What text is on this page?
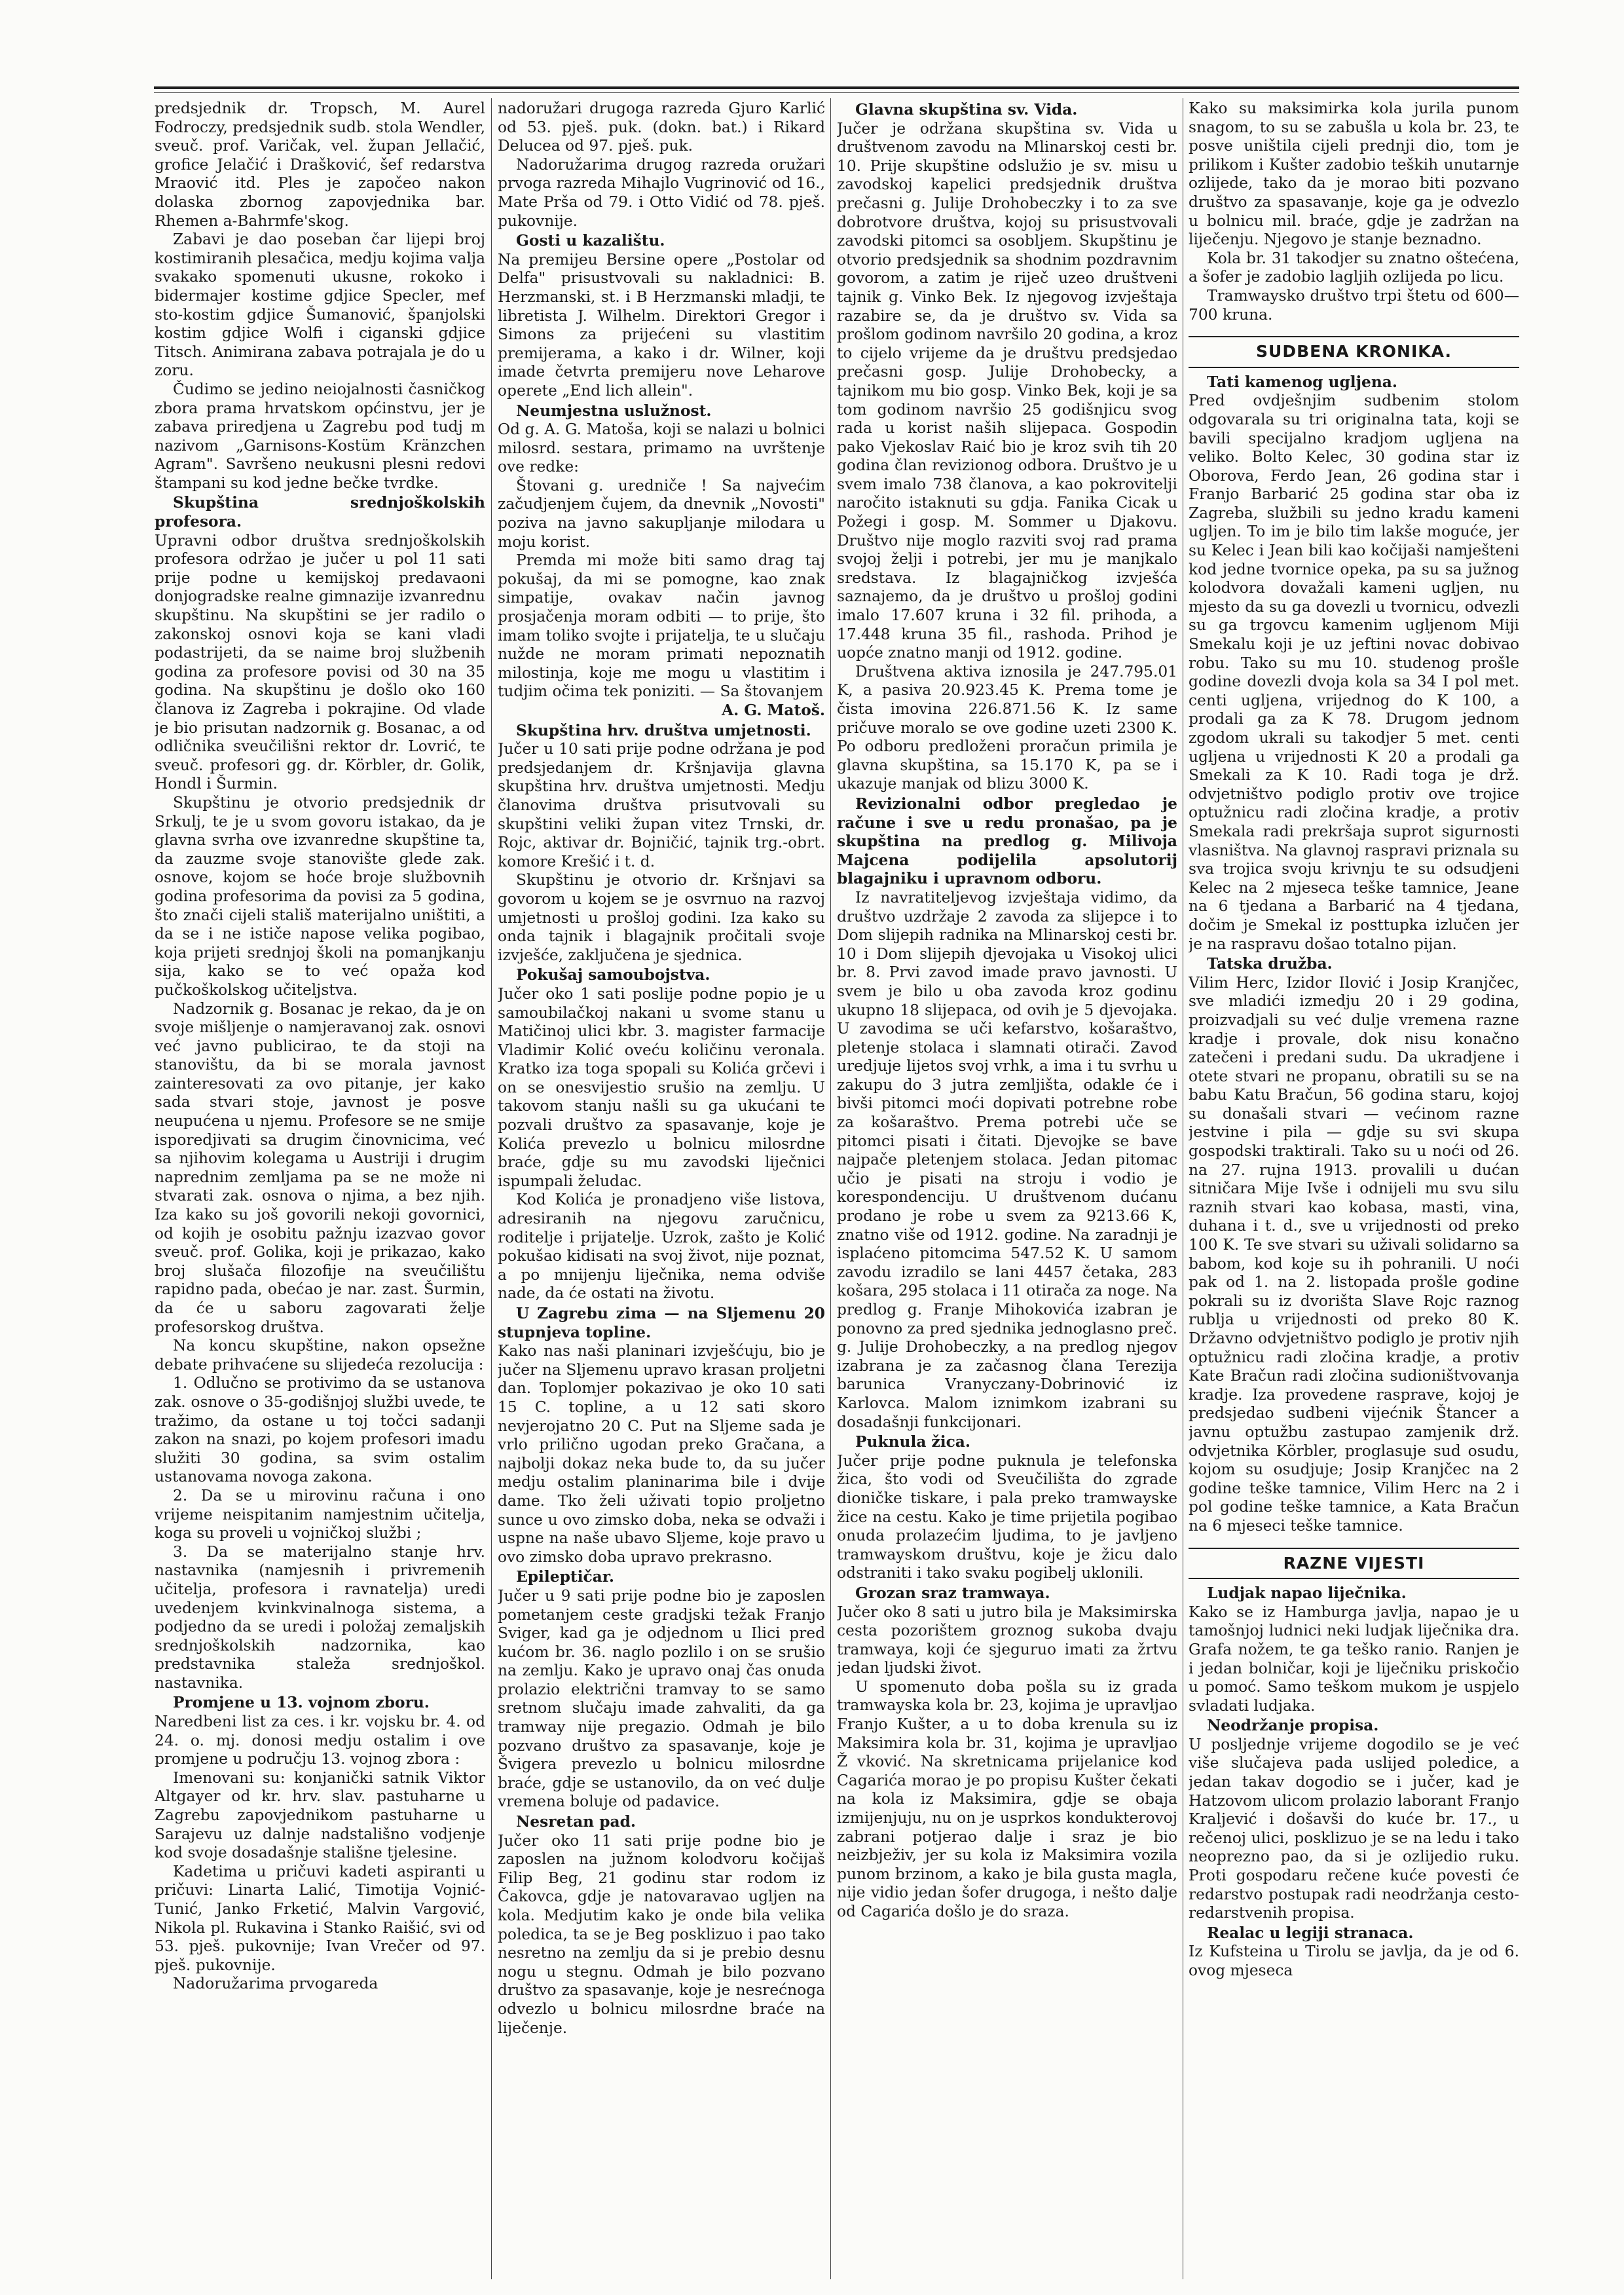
predsjednik dr. Tropsch, M. Aurel Fodroczy, predsjednik sudb. stola Wendler, sveuč. prof. Varičak, vel. župan Jellačić, grofice Jelačić i Drašković, šef redarstva Mraović itd. Ples je započeo nakon dolaska zbornog zapovjednika bar. Rhemen a-Bahrmfe'skog.

Zabavi je dao poseban čar lijepi broj kostimiranih plesačica, medju kojima valja svakako spomenuti ukusne, rokoko i bidermajer kostime gdjice Specler, mef sto-kostim gdjice Šumanović, španjolski kostim gdjice Wolfi i ciganski gdjice Titsch. Animirana zabava potrajala je do u zoru.

Čudimo se jedino neiojalnosti časničkog zbora prama hrvatskom općinstvu, jer je zabava priredjena u Zagrebu pod tudj m nazivom „Garnisons-Kostüm Kränzchen Agram". Savršeno neukusni plesni redovi štampani su kod jedne bečke tvrdke.

Skupština srednjoškolskih profesora.

Upravni odbor društva srednjoškolskih profesora održao je jučer u pol 11 sati prije podne u kemijskoj predavaoni donjogradske realne gimnazije izvanrednu skupštinu. Na skupštini se jer radilo o zakonskoj osnovi koja se kani vladi podastrijeti, da se naime broj službenih godina za profesore povisi od 30 na 35 godina. Na skupštinu je došlo oko 160 članova iz Zagreba i pokrajine. Od vlade je bio prisutan nadzornik g. Bosanac, a od odličnika sveučilišni rektor dr. Lovrić, te sveuč. profesori gg. dr. Körbler, dr. Golik, Hondl i Šurmin.

Skupštinu je otvorio predsjednik dr Srkulj, te je u svom govoru istakao, da je glavna svrha ove izvanredne skupštine ta, da zauzme svoje stanovište glede zak. osnove, kojom se hoće broje službovnih godina profesorima da povisi za 5 godina, što znači cijeli stališ materijalno uništiti, a da se i ne ističe napose velika pogibao, koja prijeti srednjoj školi na pomanjkanju sija, kako se to već opaža kod pučkoškolskog učiteljstva.

Nadzornik g. Bosanac je rekao, da je on svoje mišljenje o namjeravanoj zak. osnovi već javno publicirao, te da stoji na stanovištu, da bi se morala javnost zainteresovati za ovo pitanje, jer kako sada stvari stoje, javnost je posve neupućena u njemu. Profesore se ne smije isporedjivati sa drugim činovnicima, već sa njihovim kolegama u Austriji i drugim naprednim zemljama pa se ne može ni stvarati zak. osnova o njima, a bez njih. Iza kako su još govorili nekoji govornici, od kojih je osobitu pažnju izazvao govor sveuč. prof. Golika, koji je prikazao, kako broj slušača filozofije na sveučilištu rapidno pada, obećao je nar. zast. Šurmin, da će u saboru zagovarati želje profesorskog društva.

Na koncu skupštine, nakon opsežne debate prihvaćene su slijedeća rezolucija :

1. Odlučno se protivimo da se ustanova zak. osnove o 35-godišnjoj službi uvede, te tražimo, da ostane u toj točci sadanji zakon na snazi, po kojem profesori imadu služiti 30 godina, sa svim ostalim ustanovama novoga zakona.

2. Da se u mirovinu računa i ono vrijeme neispitanim namjestnim učitelja, koga su proveli u vojničkoj službi ;

3. Da se materijalno stanje hrv. nastavnika (namjesnih i privremenih učitelja, profesora i ravnatelja) uredi uvedenjem kvinkvinalnoga sistema, a podjedno da se uredi i položaj zemaljskih srednjoškolskih nadzornika, kao predstavnika staleža srednjoškol. nastavnika.

Promjene u 13. vojnom zboru.

Naredbeni list za ces. i kr. vojsku br. 4. od 24. o. mj. donosi medju ostalim i ove promjene u području 13. vojnog zbora :

Imenovani su: konjanički satnik Viktor Altgayer od kr. hrv. slav. pastuharne u Zagrebu zapovjednikom pastuharne u Sarajevu uz dalnje nadstališno vodjenje kod svoje dosadašnje stališne tjelesine.

Kadetima u pričuvi kadeti aspiranti u pričuvi: Linarta Lalić, Timotija Vojnić-Tunić, Janko Frketić, Malvin Vargović, Nikola pl. Rukavina i Stanko Raišić, svi od 53. pješ. pukovnije; Ivan Vrečer od 97. pješ. pukovnije.

Nadoružarima prvogareda

nadoružari drugoga razreda Gjuro Karlić od 53. pješ. puk. (dokn. bat.) i Rikard Delucea od 97. pješ. puk.

Nadoružarima drugog razreda oružari prvoga razreda Mihajlo Vugrinović od 16., Mate Prša od 79. i Otto Vidić od 78. pješ. pukovnije.

Gosti u kazalištu.

Na premijeu Bersine opere „Postolar od Delfa" prisustvovali su nakladnici: B. Herzmanski, st. i B Herzmanski mladji, te libretista J. Wilhelm. Direktori Gregor i Simons za prijećeni su vlastitim premijerama, a kako i dr. Wilner, koji imade četvrta premijeru nove Leharove operete „End lich allein".

Neumjestna uslužnost.

Od g. A. G. Matoša, koji se nalazi u bolnici milosrd. sestara, primamo na uvrštenje ove redke:

Štovani g. uredniče ! Sa najvećim začudjenjem čujem, da dnevnik „Novosti" poziva na javno sakupljanje milodara u moju korist.

Premda mi može biti samo drag taj pokušaj, da mi se pomogne, kao znak simpatije, ovakav način javnog prosjačenja moram odbiti — to prije, što imam toliko svojte i prijatelja, te u slučaju nužde ne moram primati nepoznatih milostinja, koje me mogu u vlastitim i tudjim očima tek poniziti. — Sa štovanjem

A. G. Matoš.

Skupština hrv. društva umjetnosti.

Jučer u 10 sati prije podne održana je pod predsjedanjem dr. Kršnjavija glavna skupština hrv. društva umjetnosti. Medju članovima društva prisutvovali su skupštini veliki župan vitez Trnski, dr. Rojc, aktivar dr. Bojničić, tajnik trg.-obrt. komore Krešić i t. d.

Skupštinu je otvorio dr. Kršnjavi sa govorom u kojem se je osvrnuo na razvoj umjetnosti u prošloj godini. Iza kako su onda tajnik i blagajnik pročitali svoje izvješće, zaključena je sjednica.

Pokušaj samoubojstva.

Jučer oko 1 sati poslije podne popio je u samoubilačkoj nakani u svome stanu u Matičinoj ulici kbr. 3. magister farmacije Vladimir Kolić oveću količinu veronala. Kratko iza toga spopali su Kolića grčevi i on se onesvijestio srušio na zemlju. U takovom stanju našli su ga ukućani te pozvali društvo za spasavanje, koje je Kolića prevezlo u bolnicu milosrdne braće, gdje su mu zavodski liječnici ispumpali želudac.

Kod Kolića je pronadjeno više listova, adresiranih na njegovu zaručnicu, roditelje i prijatelje. Uzrok, zašto je Kolić pokušao kidisati na svoj život, nije poznat, a po mnijenju liječnika, nema odviše nade, da će ostati na životu.

U Zagrebu zima — na Sljemenu 20 stupnjeva topline.

Kako nas naši planinari izvješćuju, bio je jučer na Sljemenu upravo krasan proljetni dan. Toplomjer pokazivao je oko 10 sati 15 C. topline, a u 12 sati skoro nevjerojatno 20 C. Put na Sljeme sada je vrlo prilično ugodan preko Gračana, a najbolji dokaz neka bude to, da su jučer medju ostalim planinarima bile i dvije dame. Tko želi uživati topio proljetno sunce u ovo zimsko doba, neka se odvaži i uspne na naše ubavo Sljeme, koje pravo u ovo zimsko doba upravo prekrasno.

Epileptičar.

Jučer u 9 sati prije podne bio je zaposlen pometanjem ceste gradjski težak Franjo Sviger, kad ga je odjednom u Ilici pred kućom br. 36. naglo pozlilo i on se srušio na zemlju. Kako je upravo onaj čas onuda prolazio električni tramvay to se samo sretnom slučaju imade zahvaliti, da ga tramway nije pregazio. Odmah je bilo pozvano društvo za spasavanje, koje je Švigera prevezlo u bolnicu milosrdne braće, gdje se ustanovilo, da on već dulje vremena boluje od padavice.

Nesretan pad.

Jučer oko 11 sati prije podne bio je zaposlen na južnom kolodvoru kočijaš Filip Beg, 21 godinu star rodom iz Čakovca, gdje je natovaravao ugljen na kola. Medjutim kako je onde bila velika poledica, ta se je Beg posklizuo i pao tako nesretno na zemlju da si je prebio desnu nogu u stegnu. Odmah je bilo pozvano društvo za spasavanje, koje je nesrećnoga odvezlo u bolnicu milosrdne braće na liječenje.

Glavna skupština sv. Vida.

Jučer je održana skupština sv. Vida u društvenom zavodu na Mlinarskoj cesti br. 10. Prije skupštine odslužio je sv. misu u zavodskoj kapelici predsjednik društva prečasni g. Julije Drohobeczky i to za sve dobrotvore društva, kojoj su prisustvovali zavodski pitomci sa osobljem. Skupštinu je otvorio predsjednik sa shodnim pozdravnim govorom, a zatim je riječ uzeo društveni tajnik g. Vinko Bek. Iz njegovog izvještaja razabire se, da je društvo sv. Vida sa prošlom godinom navršilo 20 godina, a kroz to cijelo vrijeme da je društvu predsjedao prečasni gosp. Julije Drohobecky, a tajnikom mu bio gosp. Vinko Bek, koji je sa tom godinom navršio 25 godišnjicu svog rada u korist naših slijepaca. Gospodin pako Vjekoslav Raić bio je kroz svih tih 20 godina član revizionog odbora. Društvo je u svem imalo 738 članova, a kao pokrovitelji naročito istaknuti su gdja. Fanika Cicak u Požegi i gosp. M. Sommer u Djakovu. Društvo nije moglo razviti svoj rad prama svojoj želji i potrebi, jer mu je manjkalo sredstava. Iz blagajničkog izvješća saznajemo, da je društvo u prošloj godini imalo 17.607 kruna i 32 fil. prihoda, a 17.448 kruna 35 fil., rashoda. Prihod je uopće znatno manji od 1912. godine.

Društvena aktiva iznosila je 247.795.01 K, a pasiva 20.923.45 K. Prema tome je čista imovina 226.871.56 K. Iz same pričuve moralo se ove godine uzeti 2300 K. Po odboru predloženi proračun primila je glavna skupština, sa 15.170 K, pa se i ukazuje manjak od blizu 3000 K.

Revizionalni odbor pregledao je račune i sve u redu pronašao, pa je skupština na predlog g. Milivoja Majcena podijelila apsolutorij blagajniku i upravnom odboru.

Iz navratiteljevog izvještaja vidimo, da društvo uzdržaje 2 zavoda za slijepce i to Dom slijepih radnika na Mlinarskoj cesti br. 10 i Dom slijepih djevojaka u Visokoj ulici br. 8. Prvi zavod imade pravo javnosti. U svem je bilo u oba zavoda kroz godinu ukupno 18 slijepaca, od ovih je 5 djevojaka. U zavodima se uči kefarstvo, košaraštvo, pletenje stolaca i slamnati otirači. Zavod uredjuje lijetos svoj vrhk, a ima i tu svrhu u zakupu do 3 jutra zemljišta, odakle će i bivši pitomci moći dopivati potrebne robe za košaraštvo. Prema potrebi uče se pitomci pisati i čitati. Djevojke se bave najpače pletenjem stolaca. Jedan pitomac učio je pisati na stroju i vodio je korespondenciju. U društvenom dućanu prodano je robe u svem za 9213.66 K, znatno više od 1912. godine. Na zaradnji je isplaćeno pitomcima 547.52 K. U samom zavodu izradilo se lani 4457 četaka, 283 košara, 295 stolaca i 11 otirača za noge. Na predlog g. Franje Mihokovića izabran je ponovno za pred sjednika jednoglasno preč. g. Julije Drohobeczky, a na predlog njegov izabrana je za začasnog člana Terezija barunica Vranyczany-Dobrinović iz Karlovca. Malom iznimkom izabrani su dosadašnji funkcijonari.

Puknula žica.

Jučer prije podne puknula je telefonska žica, što vodi od Sveučilišta do zgrade dioničke tiskare, i pala preko tramwayske žice na cestu. Kako je time prijetila pogibao onuda prolazećim ljudima, to je javljeno tramwayskom društvu, koje je žicu dalo odstraniti i tako svaku pogibelj uklonili.

Grozan sraz tramwaya.

Jučer oko 8 sati u jutro bila je Maksimirska cesta pozorištem groznog sukoba dvaju tramwaya, koji će sjeguruo imati za žrtvu jedan ljudski život.

U spomenuto doba pošla su iz grada tramwayska kola br. 23, kojima je upravljao Franjo Kušter, a u to doba krenula su iz Maksimira kola br. 31, kojima je upravljao Ž vković. Na skretnicama prijelanice kod Cagarića morao je po propisu Kušter čekati na kola iz Maksimira, gdje se obaja izmijenjuju, nu on je usprkos kondukterovoj zabrani potjerao dalje i sraz je bio neizbježiv, jer su kola iz Maksimira vozila punom brzinom, a kako je bila gusta magla, nije vidio jedan šofer drugoga, i nešto dalje od Cagarića došlo je do sraza.

Kako su maksimirka kola jurila punom snagom, to su se zabušla u kola br. 23, te posve uništila cijeli prednji dio, tom je prilikom i Kušter zadobio teških unutarnje ozlijede, tako da je morao biti pozvano društvo za spasavanje, koje ga je odvezlo u bolnicu mil. braće, gdje je zadržan na liječenju. Njegovo je stanje beznadno.

Kola br. 31 takodjer su znatno oštećena, a šofer je zadobio lagljih ozlijeda po licu.

Tramwaysko društvo trpi štetu od 600—700 kruna.

SUDBENA KRONIKA.
Tati kamenog ugljena.

Pred ovdješnjim sudbenim stolom odgovarala su tri originalna tata, koji se bavili specijalno kradjom ugljena na veliko. Bolto Kelec, 30 godina star iz Oborova, Ferdo Jean, 26 godina star i Franjo Barbarić 25 godina star oba iz Zagreba, službili su jedno kradu kameni ugljen. To im je bilo tim lakše moguće, jer su Kelec i Jean bili kao kočijaši namješteni kod jedne tvornice opeka, pa su sa južnog kolodvora dovažali kameni ugljen, nu mjesto da su ga dovezli u tvornicu, odvezli su ga trgovcu kamenim ugljenom Miji Smekalu koji je uz jeftini novac dobivao robu. Tako su mu 10. studenog prošle godine dovezli dvoja kola sa 34 I pol met. centi ugljena, vrijednog do K 100, a prodali ga za K 78. Drugom jednom zgodom ukrali su takodjer 5 met. centi ugljena u vrijednosti K 20 a prodali ga Smekali za K 10. Radi toga je drž. odvjetništvo podiglo protiv ove trojice optužnicu radi zločina kradje, a protiv Smekala radi prekršaja suprot sigurnosti vlasništva. Na glavnoj raspravi priznala su sva trojica svoju krivnju te su odsudjeni Kelec na 2 mjeseca teške tamnice, Jeane na 6 tjedana a Barbarić na 4 tjedana, dočim je Smekal iz posttupka izlučen jer je na raspravu došao totalno pijan.

Tatska družba.

Vilim Herc, Izidor Ilović i Josip Kranjčec, sve mladići izmedju 20 i 29 godina, proizvadjali su već dulje vremena razne kradje i provale, dok nisu konačno zatečeni i predani sudu. Da ukradjene i otete stvari ne propanu, obratili su se na babu Katu Bračun, 56 godina staru, kojoj su donašali stvari — većinom razne jestvine i pila — gdje su svi skupa gospodski traktirali. Tako su u noći od 26. na 27. rujna 1913. provalili u dućan sitničara Mije Ivše i odnijeli mu svu silu raznih stvari kao kobasa, masti, vina, duhana i t. d., sve u vrijednosti od preko 100 K. Te sve stvari su uživali solidarno sa babom, kod koje su ih pohranili. U noći pak od 1. na 2. listopada prošle godine pokrali su iz dvorišta Slave Rojc raznog rublja u vrijednosti od preko 80 K. Državno odvjetništvo podiglo je protiv njih optužnicu radi zločina kradje, a protiv Kate Bračun radi zločina sudioništvovanja kradje. Iza provedene rasprave, kojoj je predsjedao sudbeni vijećnik Štancer a javnu optužbu zastupao zamjenik drž. odvjetnika Körbler, proglasuje sud osudu, kojom su osudjuje; Josip Kranjčec na 2 godine teške tamnice, Vilim Herc na 2 i pol godine teške tamnice, a Kata Bračun na 6 mjeseci teške tamnice.

RAZNE VIJESTI
Ludjak napao liječnika.

Kako se iz Hamburga javlja, napao je u tamošnjoj ludnici neki ludjak liječnika dra. Grafa nožem, te ga teško ranio. Ranjen je i jedan bolničar, koji je liječniku priskočio u pomoć. Samo teškom mukom je uspjelo svladati ludjaka.

Neodržanje propisa.

U posljednje vrijeme dogodilo se je već više slučajeva pada uslijed poledice, a jedan takav dogodio se i jučer, kad je Hatzovom ulicom prolazio laborant Franjo Kraljević i došavši do kuće br. 17., u rečenoj ulici, posklizuo je se na ledu i tako neoprezno pao, da si je ozlijedio ruku. Proti gospodaru rečene kuće povesti će redarstvo postupak radi neodržanja cesto-redarstvenih propisa.

Realac u legiji stranaca.

Iz Kufsteina u Tirolu se javlja, da je od 6. ovog mjeseca
